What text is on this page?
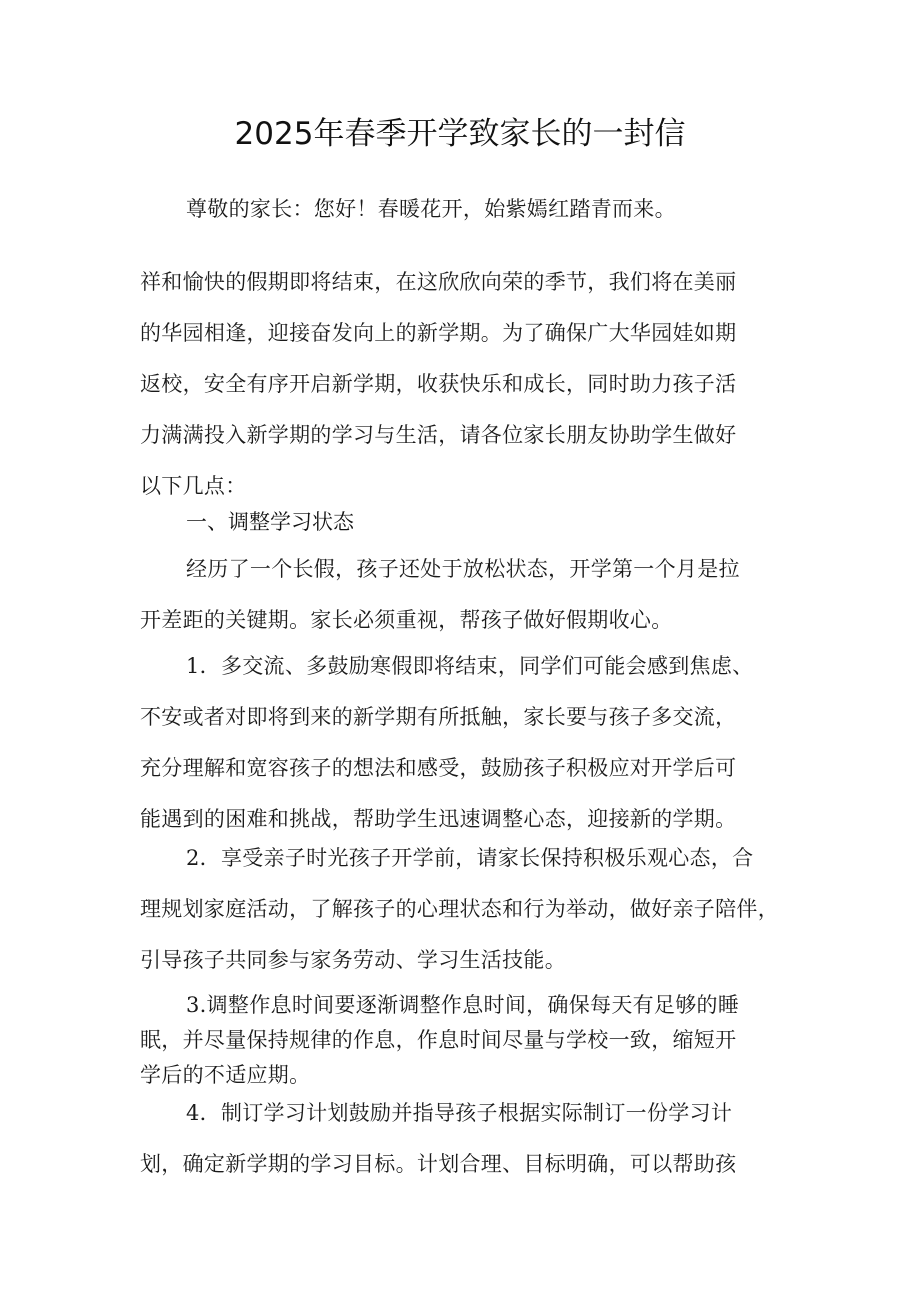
2025年春季开学致家长的一封信

尊敬的家长：您好！春暖花开，始紫嫣红踏青而来。

祥和愉快的假期即将结束，在这欣欣向荣的季节，我们将在美丽
的华园相逢，迎接奋发向上的新学期。为了确保广大华园娃如期
返校，安全有序开启新学期，收获快乐和成长，同时助力孩子活
力满满投入新学期的学习与生活，请各位家长朋友协助学生做好
以下几点：

一、调整学习状态

经历了一个长假，孩子还处于放松状态，开学第一个月是拉
开差距的关键期。家长必须重视，帮孩子做好假期收心。

1．多交流、多鼓励寒假即将结束，同学们可能会感到焦虑、
不安或者对即将到来的新学期有所抵触，家长要与孩子多交流，
充分理解和宽容孩子的想法和感受，鼓励孩子积极应对开学后可
能遇到的困难和挑战，帮助学生迅速调整心态，迎接新的学期。

2．享受亲子时光孩子开学前，请家长保持积极乐观心态，合
理规划家庭活动，了解孩子的心理状态和行为举动，做好亲子陪伴，
引导孩子共同参与家务劳动、学习生活技能。

3.调整作息时间要逐渐调整作息时间，确保每天有足够的睡
眠，并尽量保持规律的作息，作息时间尽量与学校一致，缩短开
学后的不适应期。

4．制订学习计划鼓励并指导孩子根据实际制订一份学习计
划，确定新学期的学习目标。计划合理、目标明确，可以帮助孩
